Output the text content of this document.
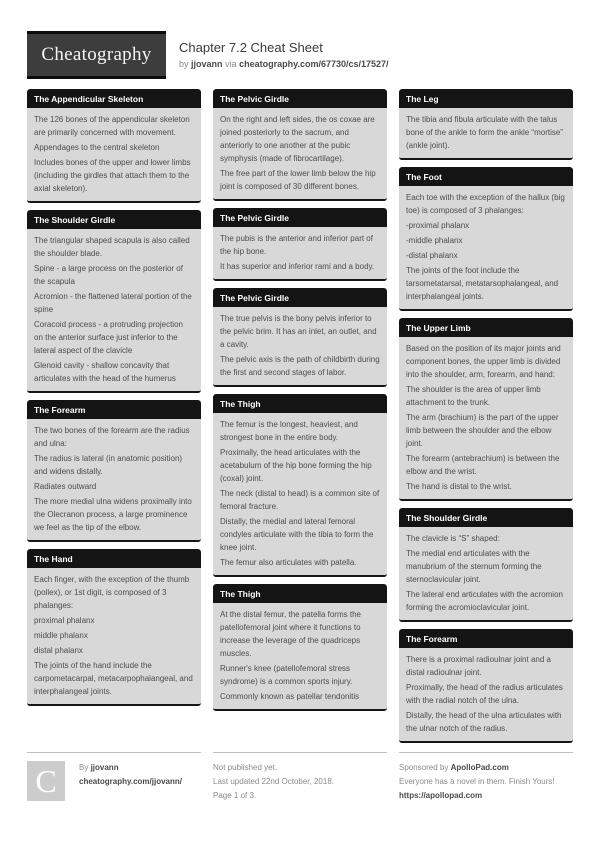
Cheatography Chapter 7.2 Cheat Sheet
by jjovann via cheatography.com/67730/cs/17527/
The Appendicular Skeleton
The 126 bones of the appendicular skeleton are primarily concerned with movement.
Appendages to the central skeleton
Includes bones of the upper and lower limbs (including the girdles that attach them to the axial skeleton).
The Shoulder Girdle
The triangular shaped scapula is also called the shoulder blade.
Spine - a large process on the posterior of the scapula
Acromion - the flattened lateral portion of the spine
Coracoid process - a protruding projection on the anterior surface just inferior to the lateral aspect of the clavicle
Glenoid cavity - shallow concavity that articulates with the head of the humerus
The Forearm
The two bones of the forearm are the radius and ulna:
The radius is lateral (in anatomic position) and widens distally.
Radiates outward
The more medial ulna widens proximally into the Olecranon process, a large prominence we feel as the tip of the elbow.
The Hand
Each finger, with the exception of the thumb (pollex), or 1st digit, is composed of 3 phalanges:
proximal phalanx
middle phalanx
distal phalanx
The joints of the hand include the carpometacarpal, metacarpophalangeal, and interphalangeal joints.
The Pelvic Girdle
On the right and left sides, the os coxae are joined posteriorly to the sacrum, and anteriorly to one another at the pubic symphysis (made of fibrocartilage).
The free part of the lower limb below the hip joint is composed of 30 different bones.
The Pelvic Girdle
The pubis is the anterior and inferior part of the hip bone.
It has superior and inferior rami and a body.
The Pelvic Girdle
The true pelvis is the bony pelvis inferior to the pelvic brim. It has an inlet, an outlet, and a cavity.
The pelvic axis is the path of childbirth during the first and second stages of labor.
The Thigh
The femur is the longest, heaviest, and strongest bone in the entire body.
Proximally, the head articulates with the acetabulum of the hip bone forming the hip (coxal) joint.
The neck (distal to head) is a common site of femoral fracture.
Distally, the medial and lateral femoral condyles articulate with the tibia to form the knee joint.
The femur also articulates with patella.
The Thigh
At the distal femur, the patella forms the patellofemoral joint where it functions to increase the leverage of the quadriceps muscles.
Runner's knee (patellofemoral stress syndrome) is a common sports injury.
Commonly known as patellar tendonitis
The Leg
The tibia and fibula articulate with the talus bone of the ankle to form the ankle “mortise” (ankle joint).
The Foot
Each toe with the exception of the hallux (big toe) is composed of 3 phalanges:
-proximal phalanx
-middle phalanx
-distal phalanx
The joints of the foot include the tarsometatarsal, metatarsophalangeal, and interphalangeal joints.
The Upper Limb
Based on the position of its major joints and component bones, the upper limb is divided into the shoulder, arm, forearm, and hand:
The shoulder is the area of upper limb attachment to the trunk.
The arm (brachium) is the part of the upper limb between the shoulder and the elbow joint.
The forearm (antebrachium) is between the elbow and the wrist.
The hand is distal to the wrist.
The Shoulder Girdle
The clavicle is “S” shaped:
The medial end articulates with the manubrium of the sternum forming the sternoclavicular joint.
The lateral end articulates with the acromion forming the acromioclavicular joint.
The Forearm
There is a proximal radioulnar joint and a distal radioulnar joint.
Proximally, the head of the radius articulates with the radial notch of the ulna.
Distally, the head of the ulna articulates with the ulnar notch of the radius.
C	By jjovann
cheatography.com/jjovann/
Not published yet.
Last updated 22nd October, 2018.
Page 1 of 3.
Sponsored by ApolloPad.com
Everyone has a novel in them. Finish Yours!
https://apollopad.com
